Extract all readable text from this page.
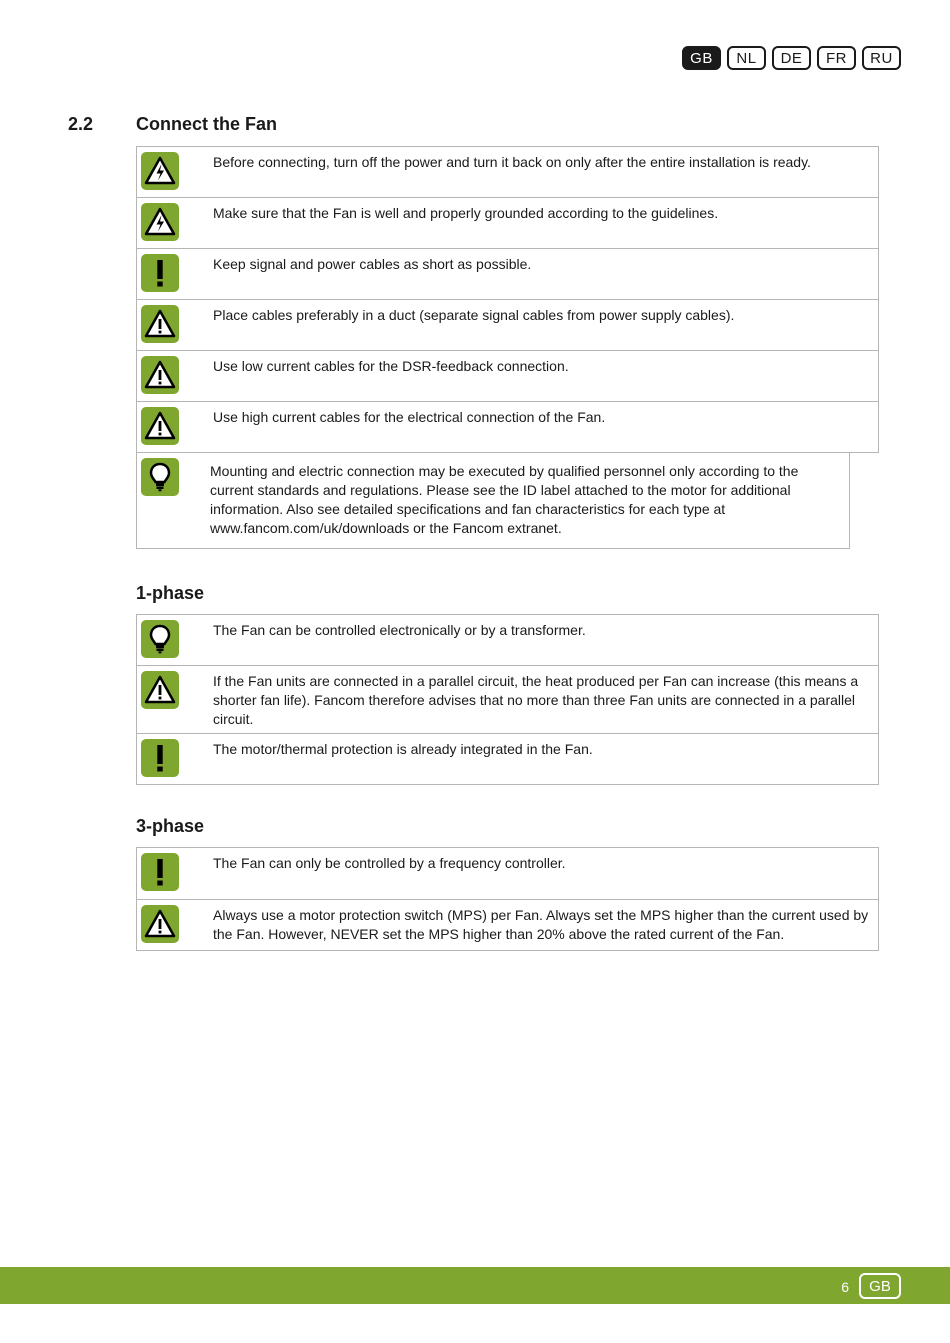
GB	NL	DE	FR	RU
2.2	Connect the Fan
Before connecting, turn off the power and turn it back on only after the entire installation is ready.
Make sure that the Fan is well and properly grounded according to the guidelines.
Keep signal and power cables as short as possible.
Place cables preferably in a duct (separate signal cables from power supply cables).
Use low current cables for the DSR-feedback connection.
Use high current cables for the electrical connection of the Fan.
Mounting and electric connection may be executed by qualified personnel only according to the current standards and regulations. Please see the ID label attached to the motor for additional information. Also see detailed specifications and fan characteristics for each type at www.fancom.com/uk/downloads or the Fancom extranet.
1-phase
The Fan can be controlled electronically or by a transformer.
If the Fan units are connected in a parallel circuit, the heat produced per Fan can increase (this means a shorter fan life). Fancom therefore advises that no more than three Fan units are connected in a parallel circuit.
The motor/thermal protection is already integrated in the Fan.
3-phase
The Fan can only be controlled by a frequency controller.
Always use a motor protection switch (MPS) per Fan. Always set the MPS higher than the current used by the Fan. However, NEVER set the MPS higher than 20% above the rated current of the Fan.
6	GB
